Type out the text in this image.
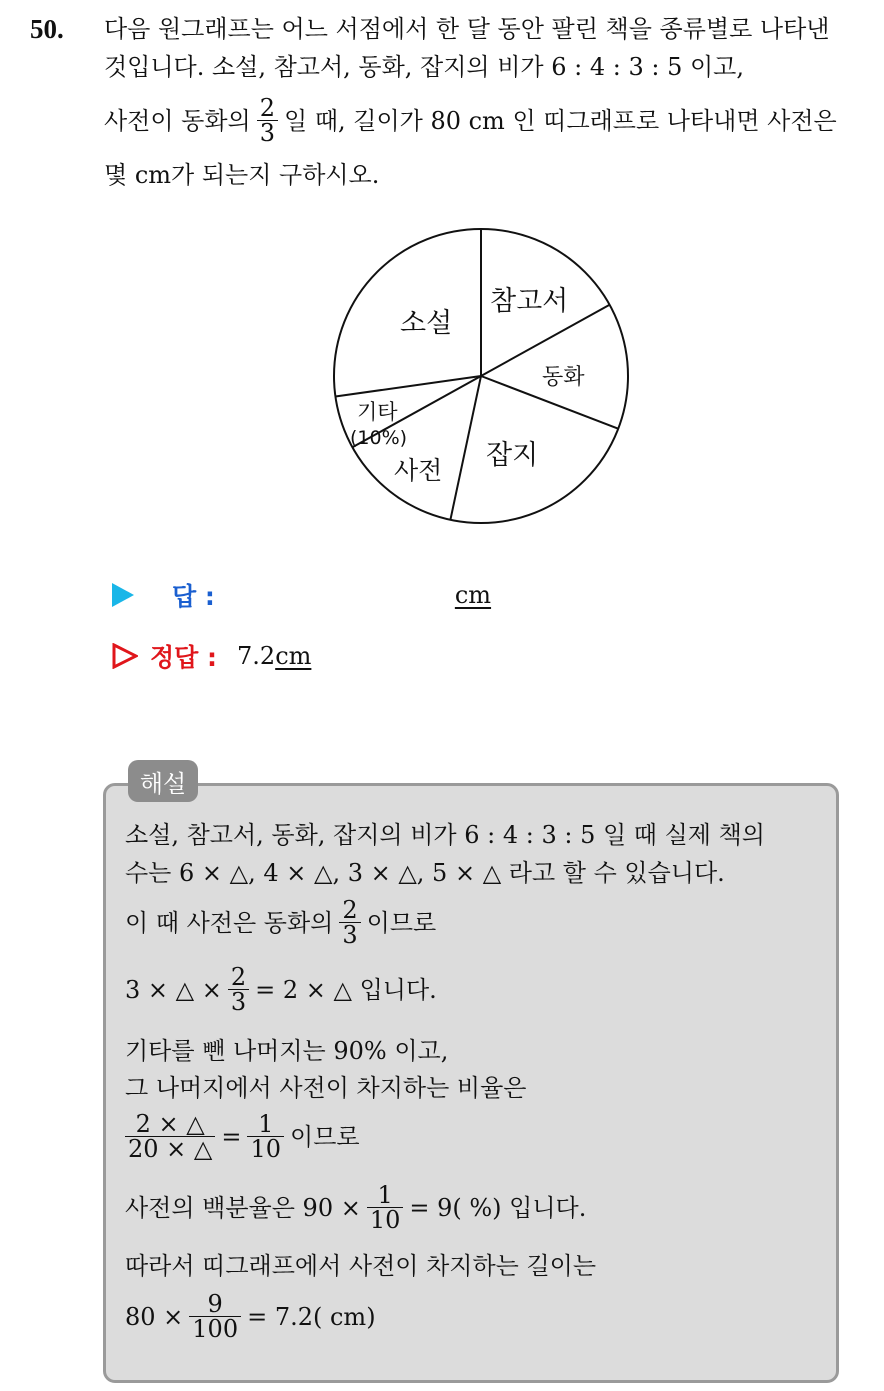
50. 다음 원그래프는 어느 서점에서 한 달 동안 팔린 책을 종류별로 나타낸
것입니다. 소설, 참고서, 동화, 잡지의 비가 6 : 4 : 3 : 5 이고,
사전이 동화의 $\frac{2}{3}$ 일 때, 길이가 80 cm 인 띠그래프로 나타내면 사전은
몇 cm가 되는지 구하시오.
소설
참고서
동화
잡지
사전
기타
(10%)
답 :	cm
정답 : 7.2 cm
해설
소설, 참고서, 동화, 잡지의 비가 6 : 4 : 3 : 5 일 때 실제 책의
수는 6 × △, 4 × △, 3 × △, 5 × △ 라고 할 수 있습니다.
이 때 사전은 동화의 $\frac{2}{3}$ 이므로
3 × △ × $\frac{2}{3} = 2$ × △ 입니다.
기타를 뺀 나머지는 90% 이고,
그 나머지에서 사전이 차지하는 비율은
$\frac{2 \times \triangle}{20 \times \triangle} = \frac{1}{10}$ 이므로
사전의 백분율은 $90 \times \frac{1}{10} = 9$( %) 입니다.
따라서 띠그래프에서 사전이 차지하는 길이는
$80 \times \frac{9}{100} = 7.2$( cm)
